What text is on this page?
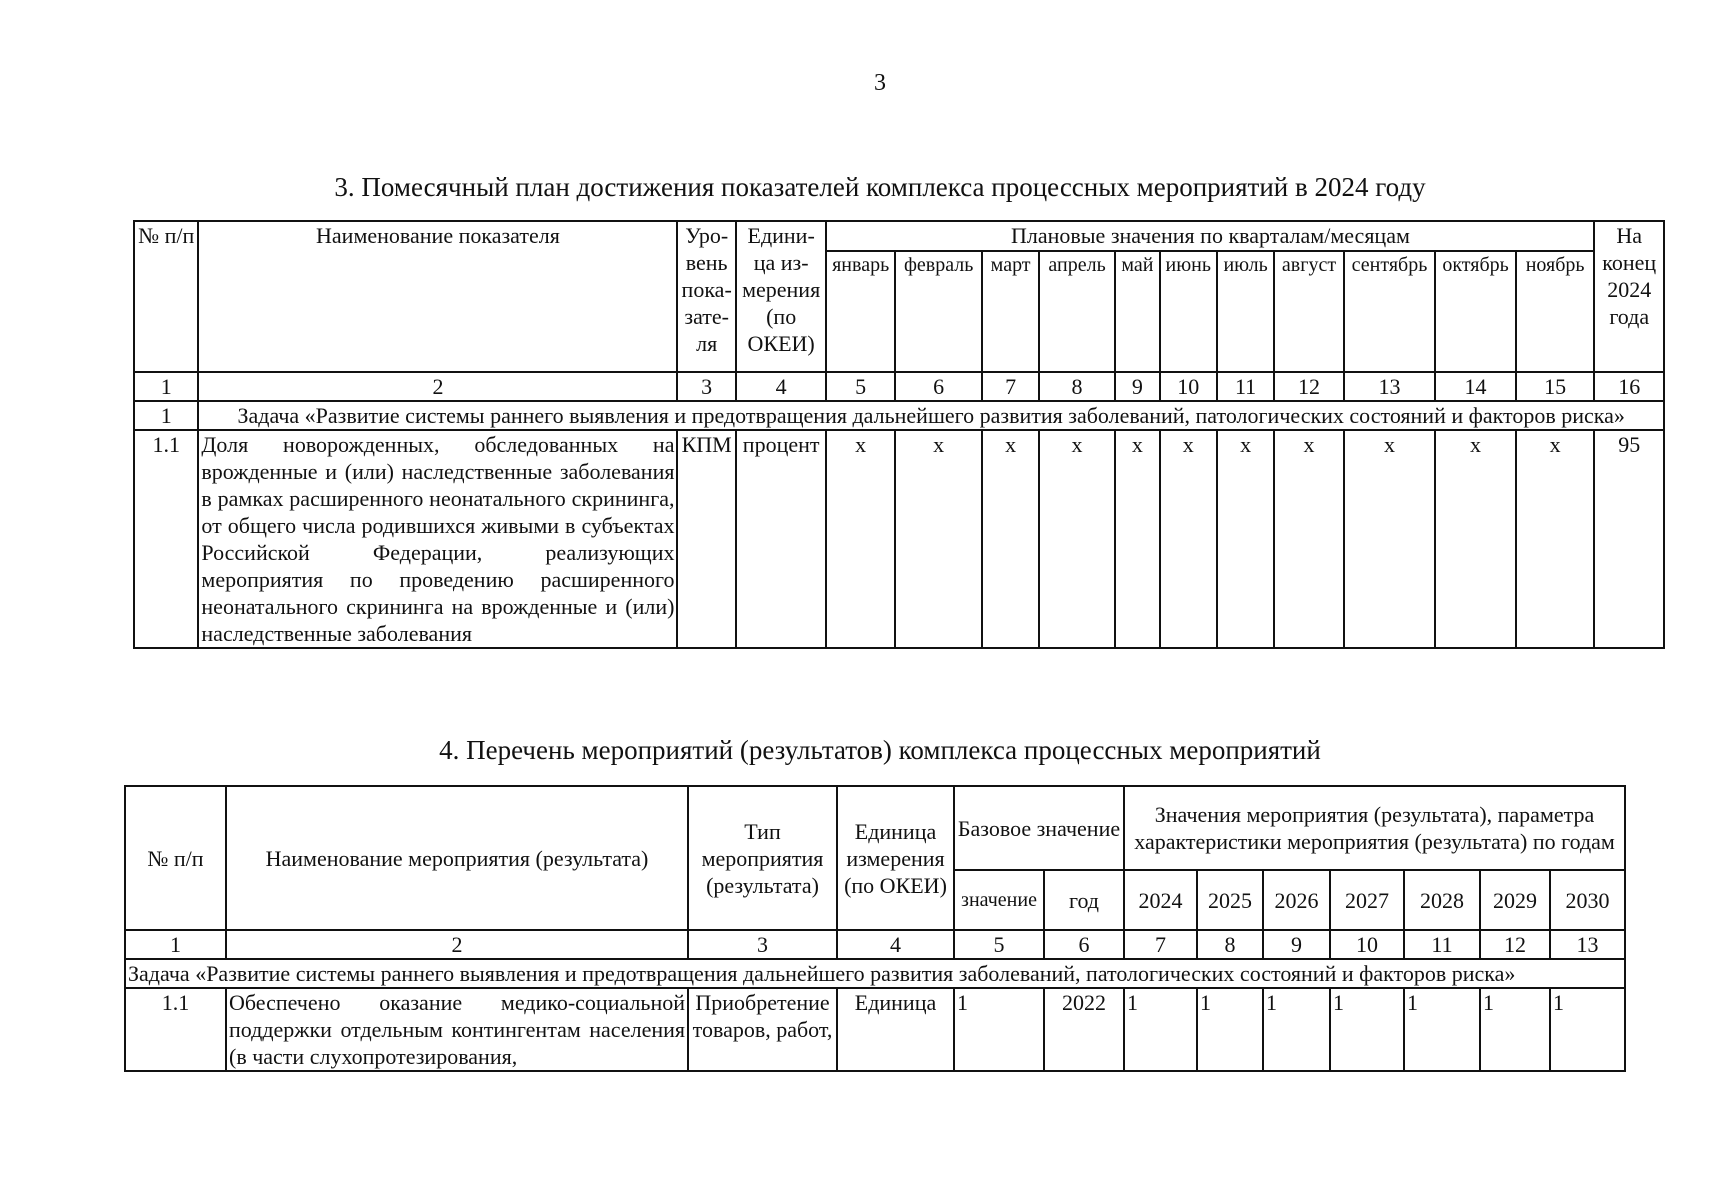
3
3. Помесячный план достижения показателей комплекса процессных мероприятий в 2024 году
№ п/п	Наименование показателя	Уро-вень пока-зате-ля	Едини-ца из-мерения (по ОКЕИ)	Плановые значения по кварталам/месяцам											На конец 2024 года
				январь	февраль	март	апрель	май	июнь	июль	август	сентябрь	октябрь	ноябрь	
1	2	3	4	5	6	7	8	9	10	11	12	13	14	15	16
1	Задача «Развитие системы раннего выявления и предотвращения дальнейшего развития заболеваний, патологических состояний и факторов риска»														
1.1	Доля новорожденных, обследованных на врожденные и (или) наследственные заболевания в рамках расширенного неонатального скрининга, от общего числа родившихся живыми в субъектах Российской Федерации, реализующих мероприятия по проведению расширенного неонатального скрининга на врожденные и (или) наследственные заболевания	КПМ	процент	х	х	х	х	х	х	х	х	х	х	х	95
4. Перечень мероприятий (результатов) комплекса процессных мероприятий
№ п/п	Наименование мероприятия (результата)	Тип мероприятия (результата)	Единица измерения (по ОКЕИ)	Базовое значение		Значения мероприятия (результата), параметра характеристики мероприятия (результата) по годам						
				значение	год	2024	2025	2026	2027	2028	2029	2030
1	2	3	4	5	6	7	8	9	10	11	12	13
Задача «Развитие системы раннего выявления и предотвращения дальнейшего развития заболеваний, патологических состояний и факторов риска»												
1.1	Обеспечено оказание медико-социальной поддержки отдельным контингентам населения (в части слухопротезирования,	Приобретение товаров, работ,	Единица	1	2022	1	1	1	1	1	1	1
